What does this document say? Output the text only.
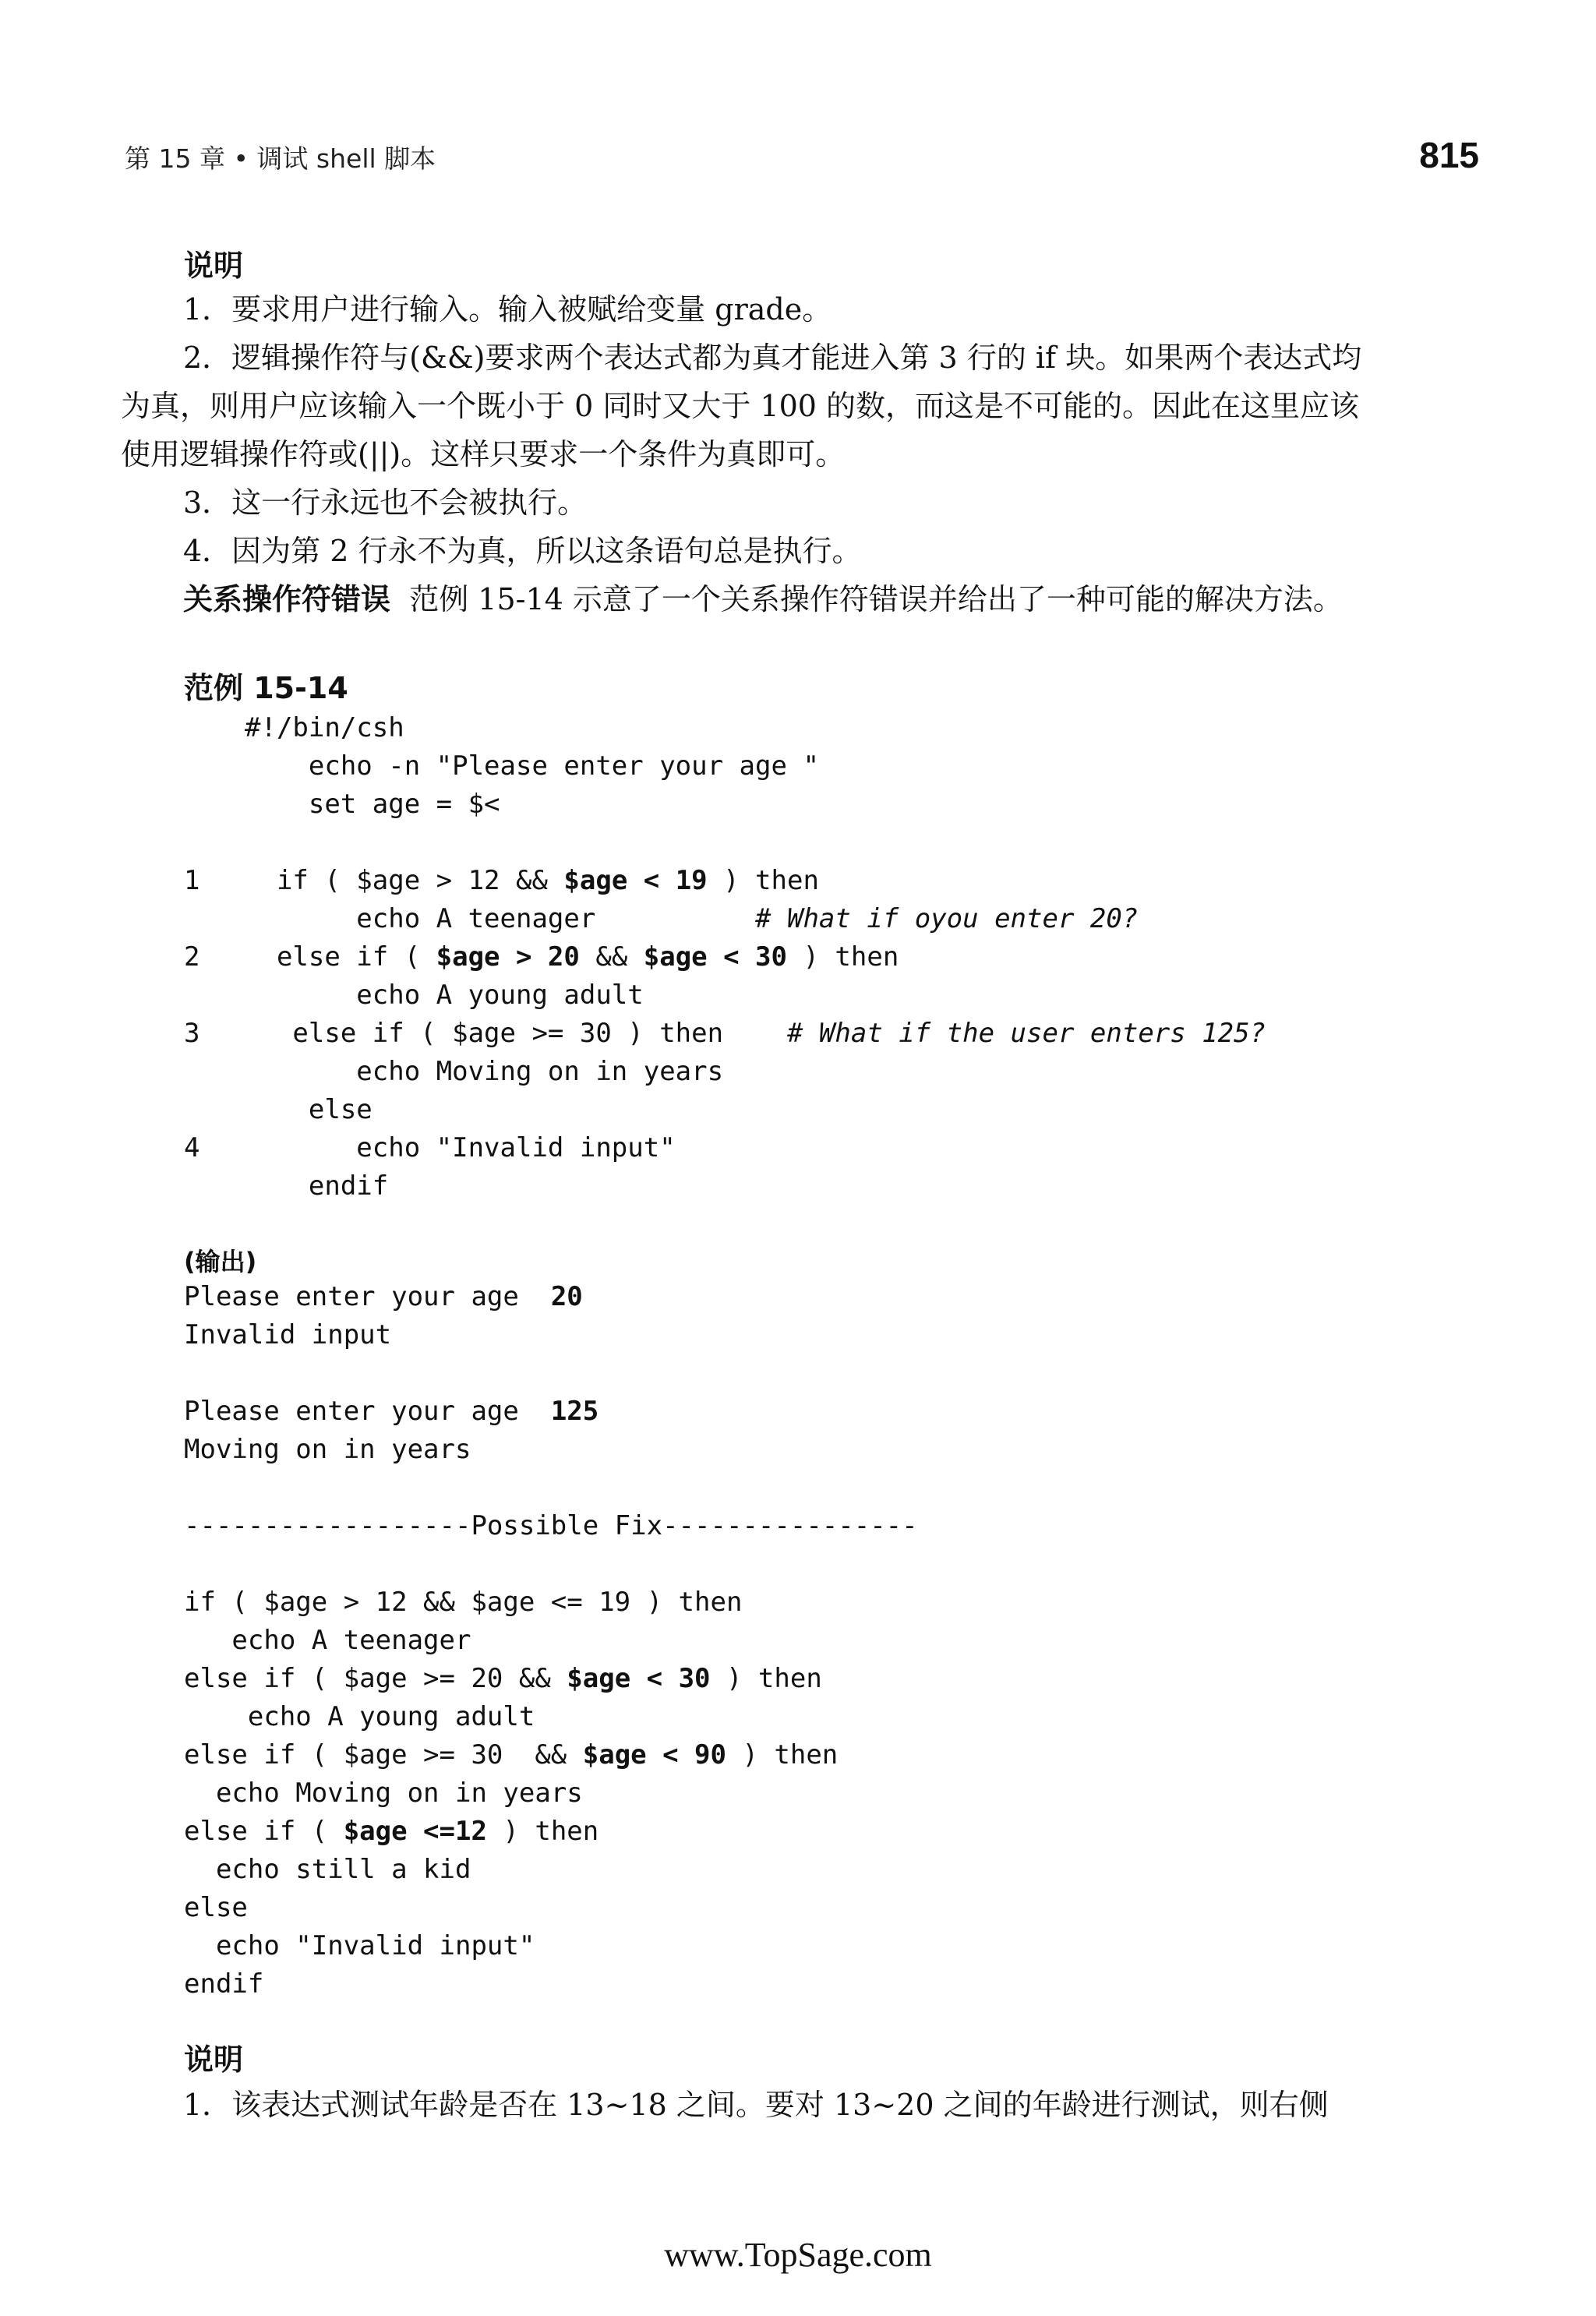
第 15 章 • 调试 shell 脚本	815
说明
1．要求用户进行输入。输入被赋给变量 grade。
2．逻辑操作符与(&&)要求两个表达式都为真才能进入第 3 行的 if 块。如果两个表达式均为真，则用户应该输入一个既小于 0 同时又大于 100 的数，而这是不可能的。因此在这里应该使用逻辑操作符或(||)。这样只要求一个条件为真即可。
3．这一行永远也不会被执行。
4．因为第 2 行永不为真，所以这条语句总是执行。
关系操作符错误 范例 15-14 示意了一个关系操作符错误并给出了一种可能的解决方法。
范例 15-14
#!/bin/csh
echo -n "Please enter your age "
set age = $<

1  if ( $age > 12 && $age < 19 ) then
echo A teenager          # What if oyou enter 20?
2  else if ( $age > 20 && $age < 30 ) then
echo A young adult
3   else if ( $age >= 30 ) then    # What if the user enters 125?
echo Moving on in years
else
4       echo "Invalid input"
endif
(输出)
Please enter your age  20
Invalid input

Please enter your age  125
Moving on in years

------------------Possible Fix----------------

if ( $age > 12 && $age <= 19 ) then
echo A teenager
else if ( $age >= 20 && $age < 30 ) then
echo A young adult
else if ( $age >= 30  && $age < 90 ) then
echo Moving on in years
else if ( $age <=12 ) then
echo still a kid
else
echo "Invalid input"
endif
说明
1．该表达式测试年龄是否在 13~18 之间。要对 13~20 之间的年龄进行测试，则右侧
www.TopSage.com
